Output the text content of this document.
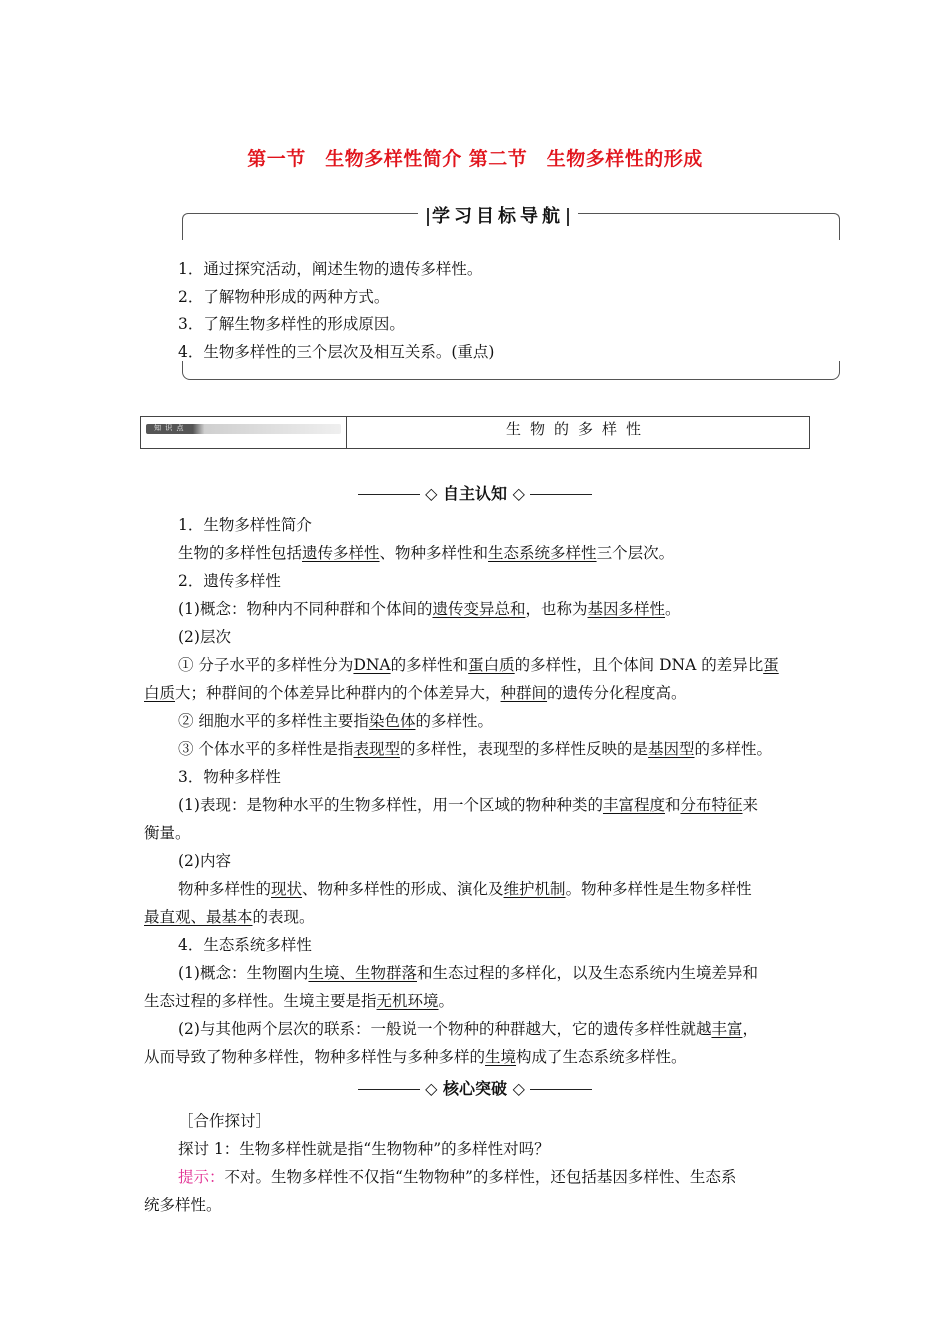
第一节　生物多样性简介 第二节　生物多样性的形成
学习目标导航
1．通过探究活动，阐述生物的遗传多样性。
2．了解物种形成的两种方式。
3．了解生物多样性的形成原因。
4．生物多样性的三个层次及相互关系。(重点)
知 识 点	生物的多样性
◇ 自主认知 ◇
1．生物多样性简介
生物的多样性包括遗传多样性、物种多样性和生态系统多样性三个层次。
2．遗传多样性
(1)概念：物种内不同种群和个体间的遗传变异总和，也称为基因多样性。
(2)层次
① 分子水平的多样性分为DNA的多样性和蛋白质的多样性，且个体间 DNA 的差异比蛋
白质大；种群间的个体差异比种群内的个体差异大，种群间的遗传分化程度高。
② 细胞水平的多样性主要指染色体的多样性。
③ 个体水平的多样性是指表现型的多样性，表现型的多样性反映的是基因型的多样性。
3．物种多样性
(1)表现：是物种水平的生物多样性，用一个区域的物种种类的丰富程度和分布特征来
衡量。
(2)内容
物种多样性的现状、物种多样性的形成、演化及维护机制。物种多样性是生物多样性
最直观、最基本的表现。
4．生态系统多样性
(1)概念：生物圈内生境、生物群落和生态过程的多样化，以及生态系统内生境差异和
生态过程的多样性。生境主要是指无机环境。
(2)与其他两个层次的联系：一般说一个物种的种群越大，它的遗传多样性就越丰富，
从而导致了物种多样性，物种多样性与多种多样的生境构成了生态系统多样性。
◇ 核心突破 ◇
［合作探讨］
探讨 1：生物多样性就是指“生物物种”的多样性对吗？
提示：不对。生物多样性不仅指“生物物种”的多样性，还包括基因多样性、生态系
统多样性。
